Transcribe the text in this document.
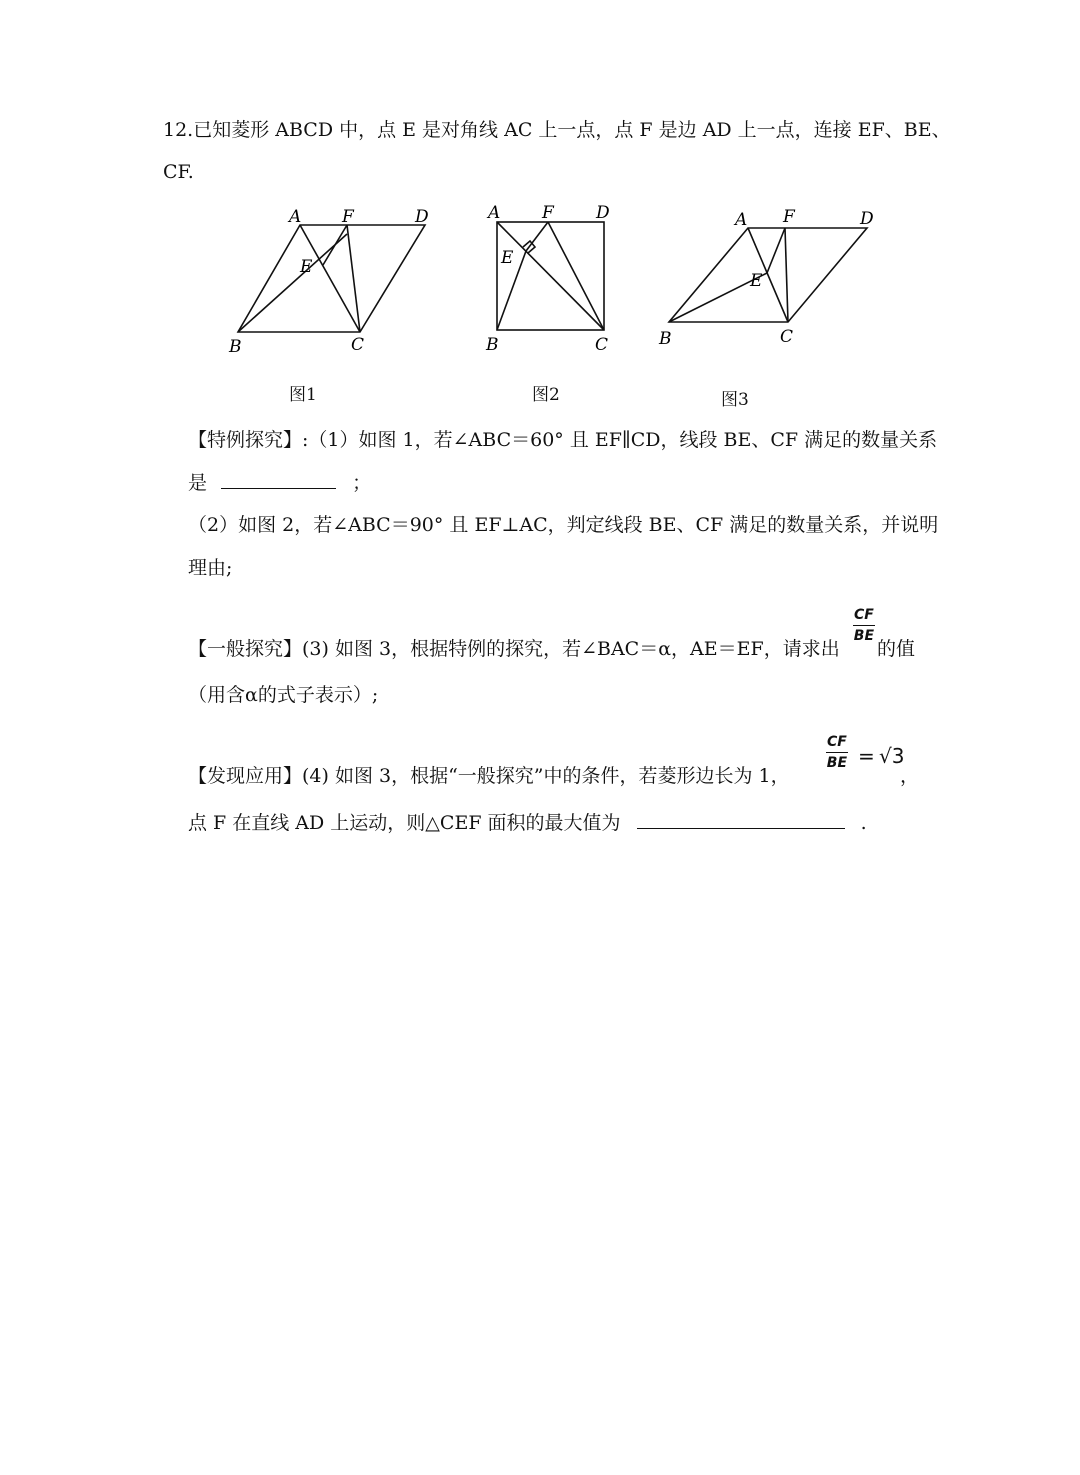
12.已知菱形 ABCD 中，点 E 是对角线 AC 上一点，点 F 是边 AD 上一点，连接 EF、BE、
CF.
A F	D
E
B	C
图1
A F D
E
B	C
图2
A F	D
E
B	C
图3
【特例探究】:（1）如图 1，若∠ABC＝60° 且 EF∥CD，线段 BE、CF 满足的数量关系
是	；
（2）如图 2，若∠ABC＝90° 且 EF⊥AC，判定线段 BE、CF 满足的数量关系，并说明
理由;
【一般探究】(3) 如图 3，根据特例的探究，若∠BAC＝α，AE＝EF，请求出
$\frac{CF}{BE}$
的值
（用含α的式子表示）;
【发现应用】(4) 如图 3，根据“一般探究”中的条件，若菱形边长为 1，
$\frac{CF}{BE} = √3$
，
点 F 在直线 AD 上运动，则△CEF 面积的最大值为	.
